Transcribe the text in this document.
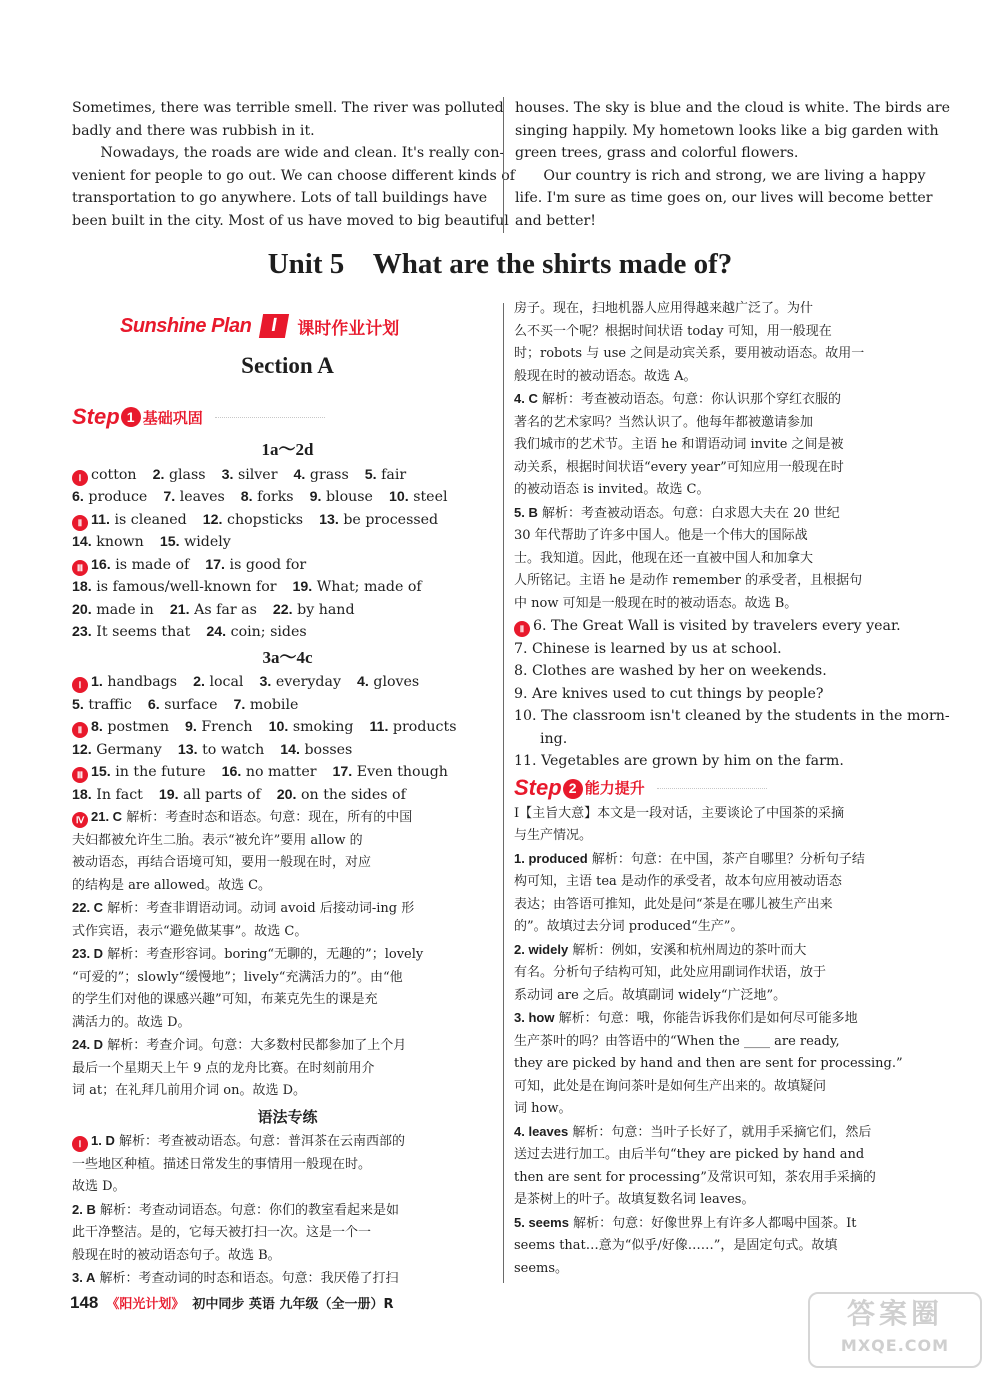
Sometimes, there was terrible smell. The river was polluted

badly and there was rubbish in it.

Nowadays, the roads are wide and clean. It's really con-

venient for people to go out. We can choose different kinds of

transportation to go anywhere. Lots of tall buildings have

been built in the city. Most of us have moved to big beautiful

houses. The sky is blue and the cloud is white. The birds are

singing happily. My hometown looks like a big garden with

green trees, grass and colorful flowers.

Our country is rich and strong, we are living a happy

life. I'm sure as time goes on, our lives will become better

and better!

Unit 5    What are the shirts made of?
Sunshine Plan I	课时作业计划
Section A
Step 1 基础巩固
1a～2d
Ⅰ cotton 2. glass 3. silver 4. grass 5. fair
6. produce 7. leaves 8. forks 9. blouse 10. steel
Ⅱ 11. is cleaned 12. chopsticks 13. be processed
14. known 15. widely
Ⅲ 16. is made of 17. is good for
18. is famous/well-known for 19. What; made of
20. made in 21. As far as 22. by hand
23. It seems that 24. coin; sides
3a～4c
Ⅰ 1. handbags 2. local 3. everyday 4. gloves
5. traffic 6. surface 7. mobile
Ⅱ 8. postmen 9. French 10. smoking 11. products
12. Germany 13. to watch 14. bosses
Ⅲ 15. in the future 16. no matter 17. Even though
18. In fact 19. all parts of 20. on the sides of
Ⅳ 21. C 解析：考查时态和语态。句意：现在，所有的中国
夫妇都被允许生二胎。表示“被允许”要用 allow 的
被动语态，再结合语境可知，要用一般现在时，对应
的结构是 are allowed。故选 C。
22. C 解析：考查非谓语动词。动词 avoid 后接动词-ing 形
式作宾语，表示“避免做某事”。故选 C。
23. D 解析：考查形容词。boring“无聊的，无趣的”；lovely
“可爱的”；slowly“缓慢地”；lively“充满活力的”。由“他
的学生们对他的课感兴趣”可知，布莱克先生的课是充
满活力的。故选 D。
24. D 解析：考查介词。句意：大多数村民都参加了上个月
最后一个星期天上午 9 点的龙舟比赛。在时刻前用介
词 at；在礼拜几前用介词 on。故选 D。
语法专练
Ⅰ 1. D 解析：考查被动语态。句意：普洱茶在云南西部的
一些地区种植。描述日常发生的事情用一般现在时。
故选 D。
2. B 解析：考查动词语态。句意：你们的教室看起来是如
此干净整洁。是的，它每天被打扫一次。这是一个一
般现在时的被动语态句子。故选 B。
3. A 解析：考查动词的时态和语态。句意：我厌倦了打扫
房子。现在，扫地机器人应用得越来越广泛了。为什
么不买一个呢？根据时间状语 today 可知，用一般现在
时；robots 与 use 之间是动宾关系，要用被动语态。故用一
般现在时的被动语态。故选 A。
4. C 解析：考查被动语态。句意：你认识那个穿红衣服的
著名的艺术家吗？当然认识了。他每年都被邀请参加
我们城市的艺术节。主语 he 和谓语动词 invite 之间是被
动关系，根据时间状语“every year”可知应用一般现在时
的被动语态 is invited。故选 C。
5. B 解析：考查被动语态。句意：白求恩大夫在 20 世纪
30 年代帮助了许多中国人。他是一个伟大的国际战
士。我知道。因此，他现在还一直被中国人和加拿大
人所铭记。主语 he 是动作 remember 的承受者，且根据句
中 now 可知是一般现在时的被动语态。故选 B。
Ⅱ 6. The Great Wall is visited by travelers every year.
7. Chinese is learned by us at school.
8. Clothes are washed by her on weekends.
9. Are knives used to cut things by people?
10. The classroom isn't cleaned by the students in the morn-
ing.
11. Vegetables are grown by him on the farm.
Step 2 能力提升
Ⅰ【主旨大意】本文是一段对话，主要谈论了中国茶的采摘
与生产情况。
1. produced 解析：句意：在中国，茶产自哪里？分析句子结
构可知，主语 tea 是动作的承受者，故本句应用被动语态
表达；由答语可推知，此处是问“茶是在哪儿被生产出来
的”。故填过去分词 produced“生产”。
2. widely 解析：例如，安溪和杭州周边的茶叶而大
有名。分析句子结构可知，此处应用副词作状语，放于
系动词 are 之后。故填副词 widely“广泛地”。
3. how 解析：句意：哦，你能告诉我你们是如何尽可能多地
生产茶叶的吗？由答语中的“When the ____ are ready,
they are picked by hand and then are sent for processing.”
可知，此处是在询问茶叶是如何生产出来的。故填疑问
词 how。
4. leaves 解析：句意：当叶子长好了，就用手采摘它们，然后
送过去进行加工。由后半句“they are picked by hand and
then are sent for processing”及常识可知，茶农用手采摘的
是茶树上的叶子。故填复数名词 leaves。
5. seems 解析：句意：好像世界上有许多人都喝中国茶。It
seems that…意为“似乎/好像……”，是固定句式。故填
seems。
148 《阳光计划》 初中同步 英语 九年级（全一册）R	答案圈
MXQE.COM
